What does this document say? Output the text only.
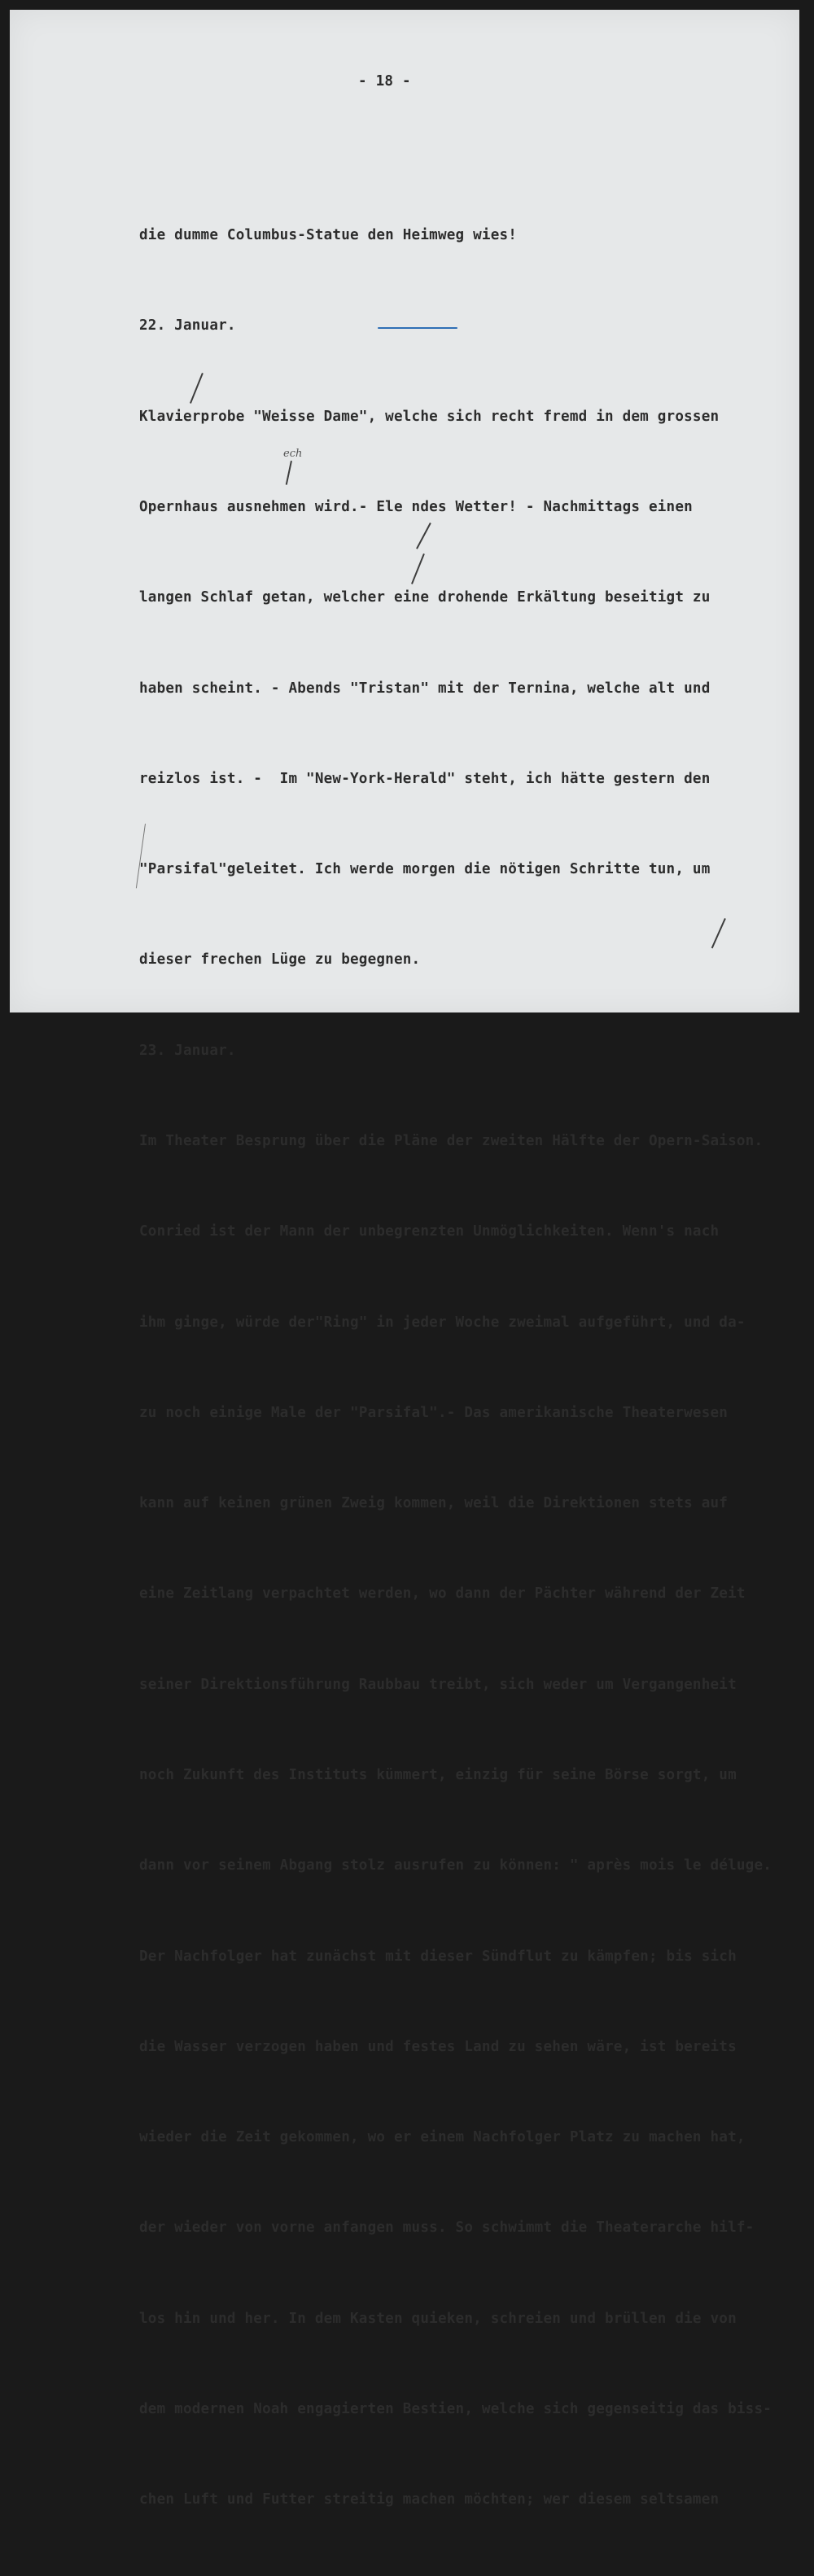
- 18 -

die dumme Columbus-Statue den Heimweg wies!

22. Januar.

Klavierprobe "Weisse Dame", welche sich recht fremd in dem grossen

Opernhaus ausnehmen wird.- Ele ndes Wetter! - Nachmittags einen

langen Schlaf getan, welcher eine drohende Erkältung beseitigt zu

haben scheint. - Abends "Tristan" mit der Ternina, welche alt und

reizlos ist. -  Im "New-York-Herald" steht, ich hätte gestern den

"Parsifal"geleitet. Ich werde morgen die nötigen Schritte tun, um

dieser frechen Lüge zu begegnen.

23. Januar.

Im Theater Besprung über die Pläne der zweiten Hälfte der Opern-Saison.

Conried ist der Mann der unbegrenzten Unmöglichkeiten. Wenn's nach

ihm ginge, würde der"Ring" in jeder Woche zweimal aufgeführt, und da-

zu noch einige Male der "Parsifal".- Das amerikanische Theaterwesen

kann auf keinen grünen Zweig kommen, weil die Direktionen stets auf

eine Zeitlang verpachtet werden, wo dann der Pächter während der Zeit

seiner Direktionsführung Raubbau treibt, sich weder um Vergangenheit

noch Zukunft des Instituts kümmert, einzig für seine Börse sorgt, um

dann vor seinem Abgang stolz ausrufen zu können: " après mois le déluge.

Der Nachfolger hat zunächst mit dieser Sündflut zu kämpfen; bis sich

die Wasser verzogen haben und festes Land zu sehen wäre, ist bereits

wieder die Zeit gekommen, wo er einem Nachfolger Platz zu machen hat,

der wieder von vorne anfangen muss. So schwimmt die Theaterarche hilf-

los hin und her. In dem Kasten quieken, schreien und brüllen die von

dem modernen Noah engagierten Bestien, welche sich gegenseitig das biss-

chen Luft und Futter streitig machen möchten; wer diesem seltsamen

ech
